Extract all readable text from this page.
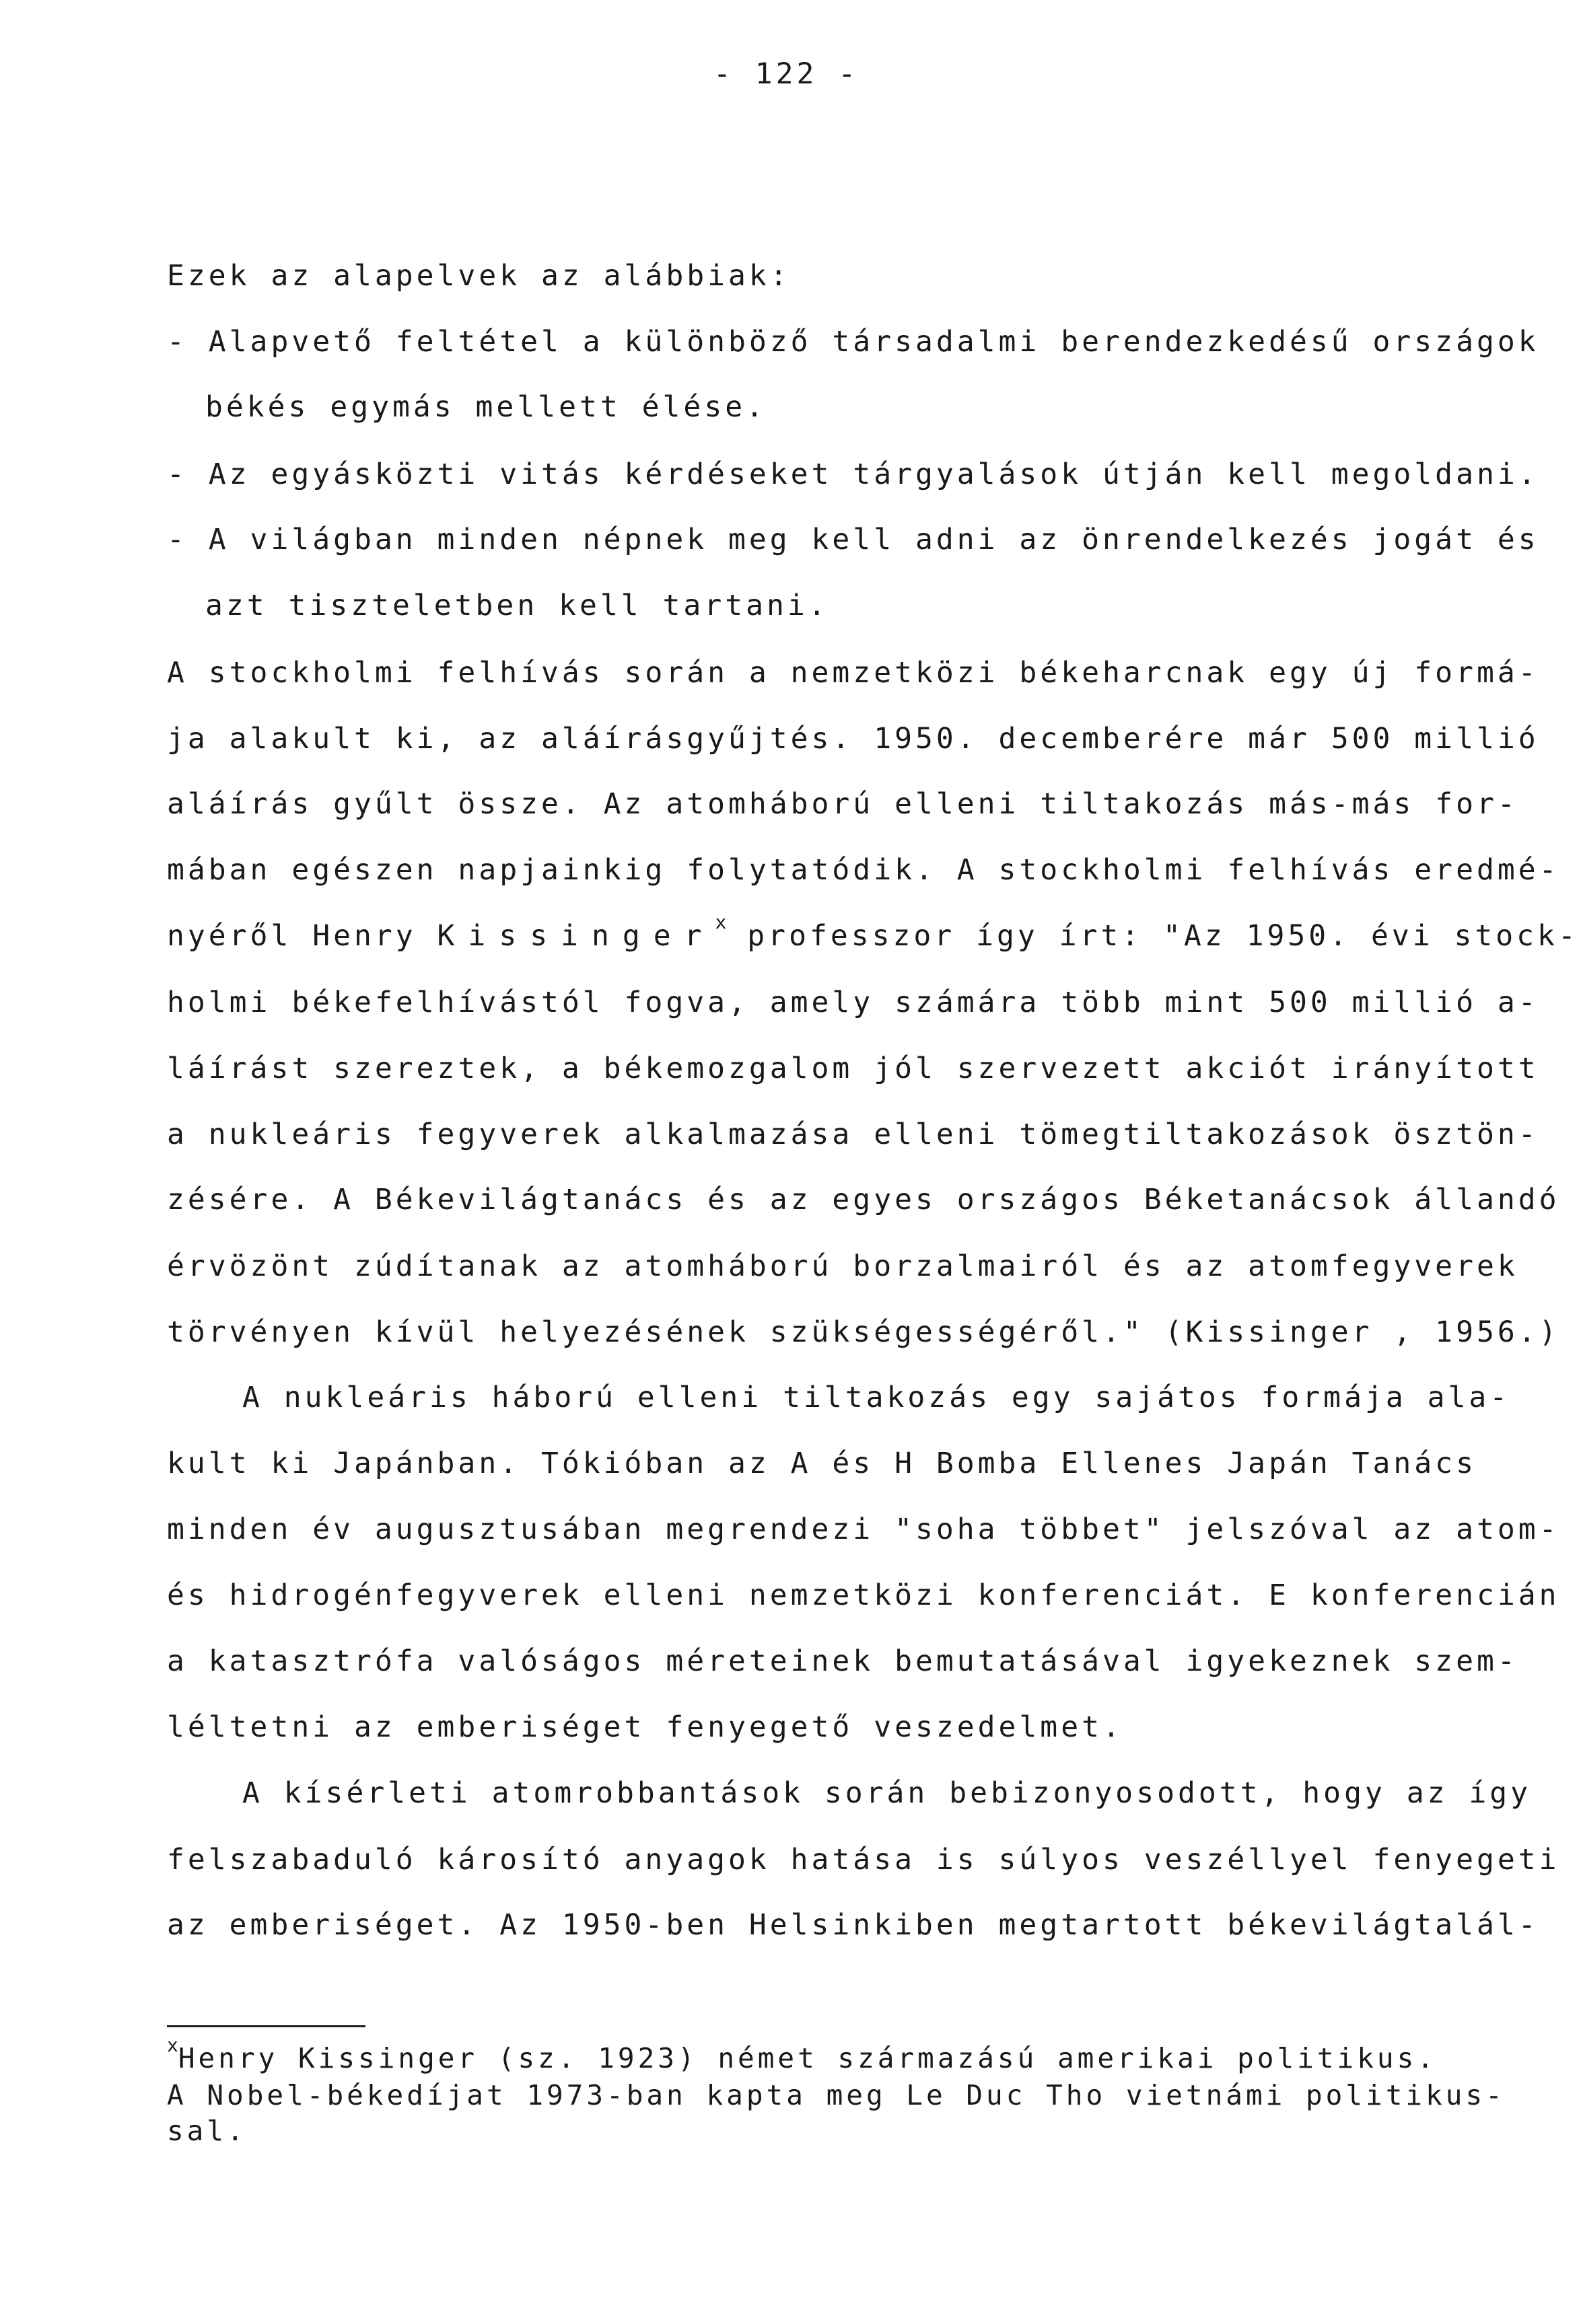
- 122 -
Ezek az alapelvek az alábbiak:
- Alapvető feltétel a különböző társadalmi berendezkedésű országok
békés egymás mellett élése.
- Az egyásközti vitás kérdéseket tárgyalások útján kell megoldani.
- A világban minden népnek meg kell adni az önrendelkezés jogát és
azt tiszteletben kell tartani.
A stockholmi felhívás során a nemzetközi békeharcnak egy új formá-
ja alakult ki, az aláírásgyűjtés. 1950. decemberére már 500 millió
aláírás gyűlt össze. Az atomháború elleni tiltakozás más-más for-
mában egészen napjainkig folytatódik. A stockholmi felhívás eredmé-
nyéről Henry Kissinger$^x$ professzor így írt: "Az 1950. évi stock-
holmi békefelhívástól fogva, amely számára több mint 500 millió a-
láírást szereztek, a békemozgalom jól szervezett akciót irányított
a nukleáris fegyverek alkalmazása elleni tömegtiltakozások ösztön-
zésére. A Békevilágtanács és az egyes országos Béketanácsok állandó
érvözönt zúdítanak az atomháború borzalmairól és az atomfegyverek
törvényen kívül helyezésének szükségességéről." (Kissinger , 1956.)
A nukleáris háború elleni tiltakozás egy sajátos formája ala-
kult ki Japánban. Tókióban az A és H Bomba Ellenes Japán Tanács
minden év augusztusában megrendezi "soha többet" jelszóval az atom-
és hidrogénfegyverek elleni nemzetközi konferenciát. E konferencián
a katasztrófa valóságos méreteinek bemutatásával igyekeznek szem-
léltetni az emberiséget fenyegető veszedelmet.
A kísérleti atomrobbantások során bebizonyosodott, hogy az így
felszabaduló károsító anyagok hatása is súlyos veszéllyel fenyegeti
az emberiséget. Az 1950-ben Helsinkiben megtartott békevilágtalál-
$^x$Henry Kissinger (sz. 1923) német származású amerikai politikus.
A Nobel-békedíjat 1973-ban kapta meg Le Duc Tho vietnámi politikus-
sal.
